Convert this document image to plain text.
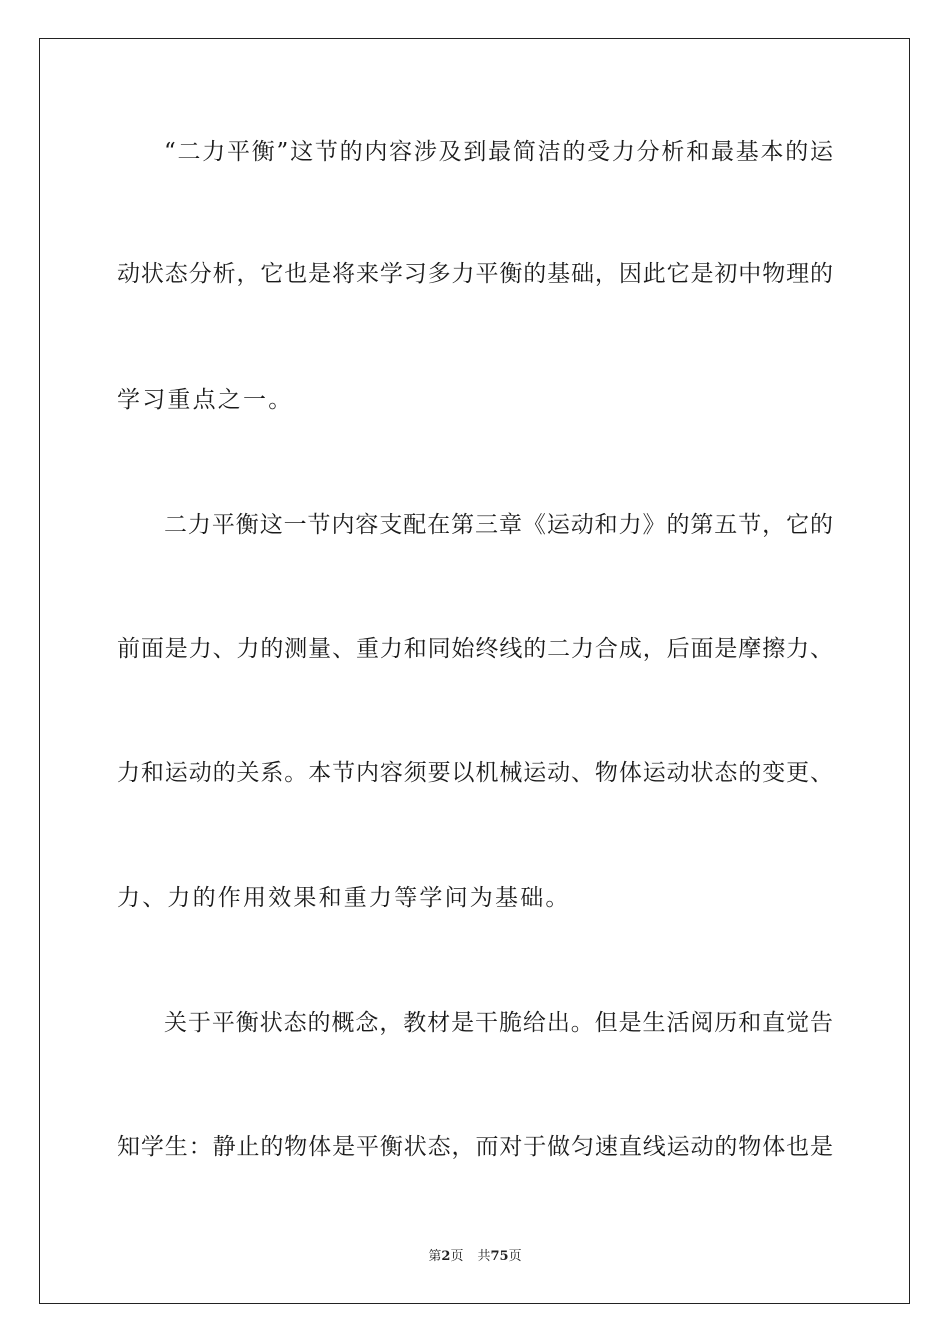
“二力平衡”这节的内容涉及到最简洁的受力分析和最基本的运
动状态分析，它也是将来学习多力平衡的基础，因此它是初中物理的
学习重点之一。
二力平衡这一节内容支配在第三章《运动和力》的第五节，它的
前面是力、力的测量、重力和同始终线的二力合成，后面是摩擦力、
力和运动的关系。本节内容须要以机械运动、物体运动状态的变更、
力、力的作用效果和重力等学问为基础。
关于平衡状态的概念，教材是干脆给出。但是生活阅历和直觉告
知学生：静止的物体是平衡状态，而对于做匀速直线运动的物体也是
第2页 共75页
